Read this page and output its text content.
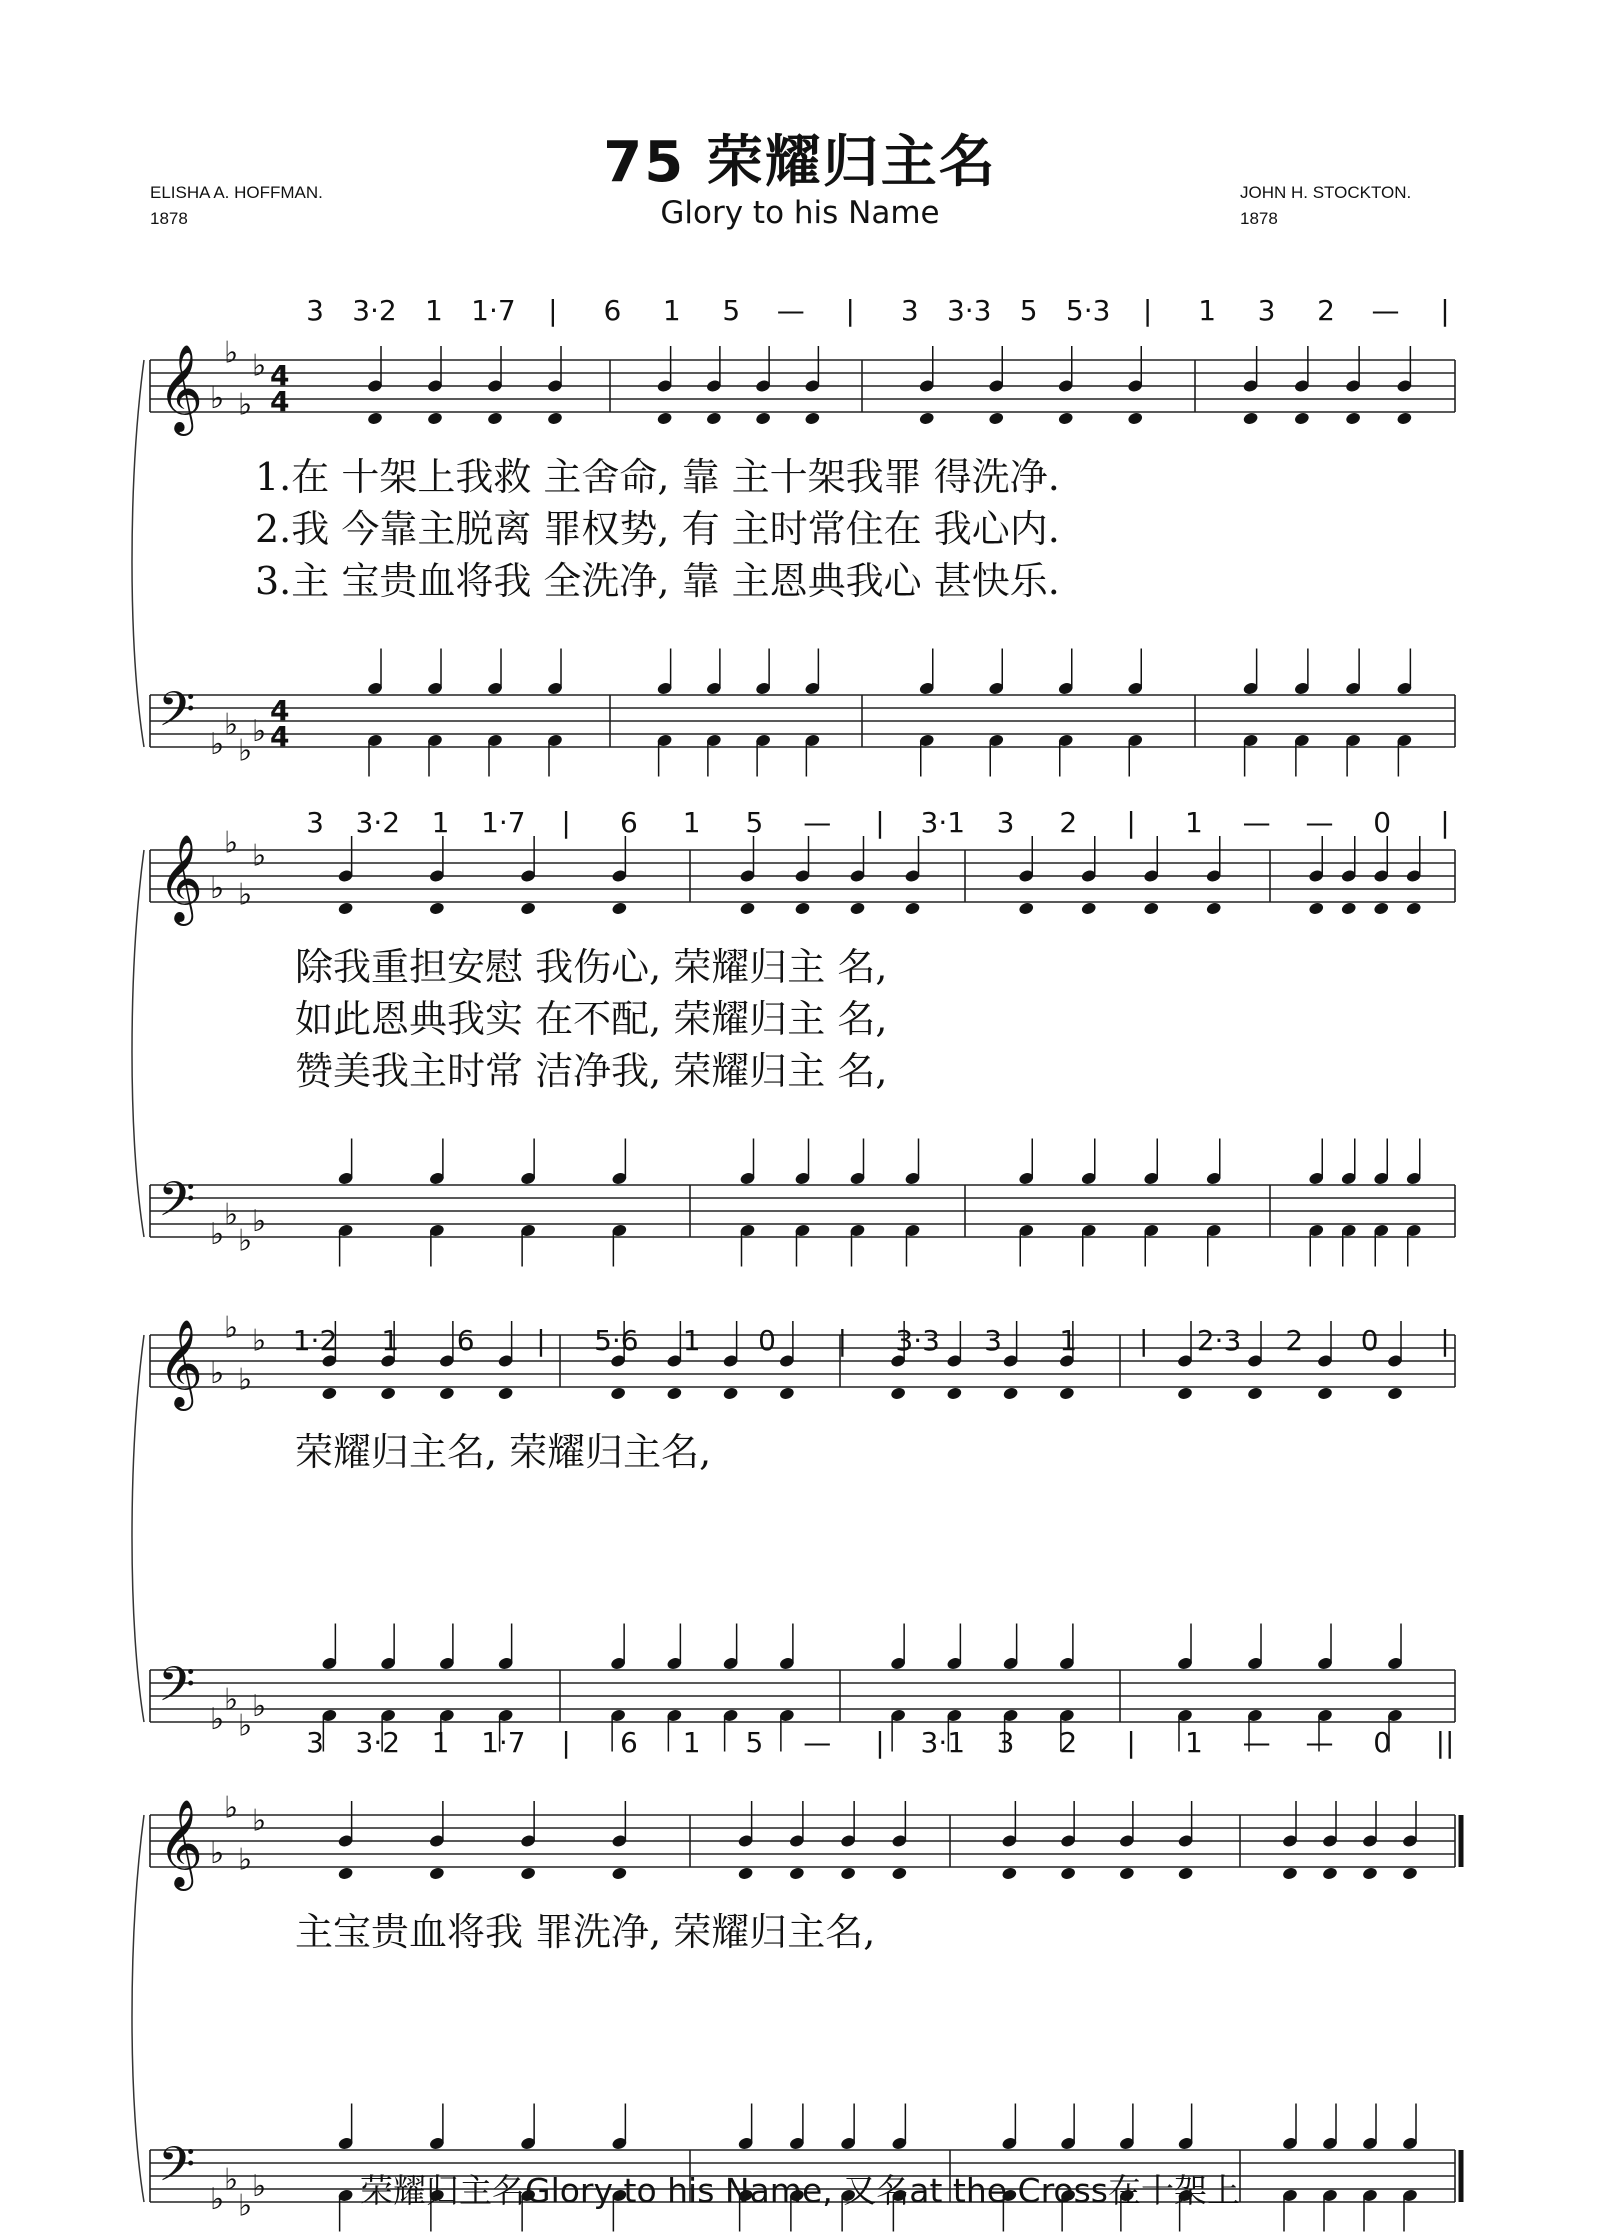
75 荣耀归主名
Glory to his Name
ELISHA A. HOFFMAN.
1878
JOHN H. STOCKTON.
1878
𝄞 ♭
♭
♭
♭ 4
4
𝄢 ♭
♭
♭
♭
4
4
3 3·2 1 1·7 | 6 1 5 — | 3 3·3 5 5·3 | 1 3 2 — |
1.在 十架上我救 主舍命, 靠 主十架我罪 得洗净.
2.我 今靠主脱离 罪权势, 有 主时常住在 我心内.
3.主 宝贵血将我 全洗净, 靠 主恩典我心 甚快乐.
𝄞 ♭
♭
♭
♭
𝄢 ♭
♭
♭
♭
3 3·2 1 1·7 | 6 1 5 — | 3·1 3 2 | 1 — — 0 |
除我重担安慰 我伤心, 荣耀归主 名,
如此恩典我实 在不配, 荣耀归主 名,
赞美我主时常 洁净我, 荣耀归主 名,
𝄞 ♭
♭
♭
♭
𝄢 ♭
♭
♭
♭
1·2 1 6 | 5·6 1 0 | 3·3 3 1 | 2·3 2 0 |
荣耀归主名, 荣耀归主名,
𝄞 ♭
♭
♭
♭
𝄢 ♭
♭
♭
♭
3 3·2 1 1·7 | 6 1 5 — | 3·1 3 2 | 1 — — 0 ||
主宝贵血将我 罪洗净, 荣耀归主名,
荣耀归主名Glory to his Name, 又名at the Cross在十架上
